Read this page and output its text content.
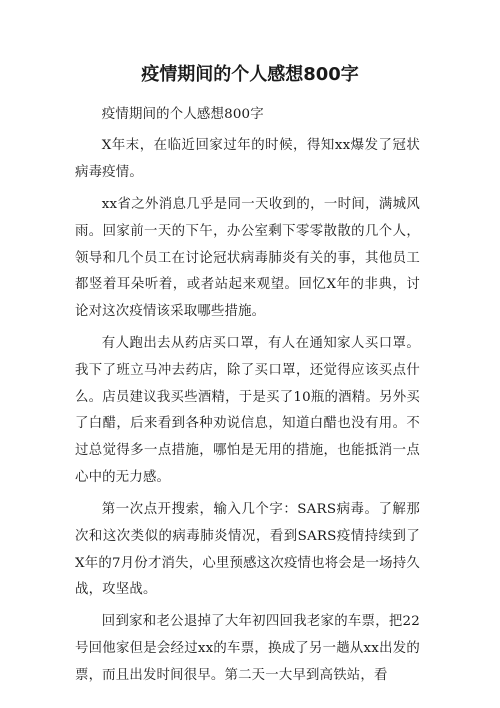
疫情期间的个人感想800字

疫情期间的个人感想800字

X年末，在临近回家过年的时候，得知xx爆发了冠状病毒疫情。

xx省之外消息几乎是同一天收到的，一时间，满城风雨。回家前一天的下午，办公室剩下零零散散的几个人，领导和几个员工在讨论冠状病毒肺炎有关的事，其他员工都竖着耳朵听着，或者站起来观望。回忆X年的非典，讨论对这次疫情该采取哪些措施。

有人跑出去从药店买口罩，有人在通知家人买口罩。我下了班立马冲去药店，除了买口罩，还觉得应该买点什么。店员建议我买些酒精，于是买了10瓶的酒精。另外买了白醋，后来看到各种劝说信息，知道白醋也没有用。不过总觉得多一点措施，哪怕是无用的措施，也能抵消一点心中的无力感。

第一次点开搜索，输入几个字：SARS病毒。了解那次和这次类似的病毒肺炎情况，看到SARS疫情持续到了X年的7月份才消失，心里预感这次疫情也将会是一场持久战，攻坚战。

回到家和老公退掉了大年初四回我老家的车票，把22号回他家但是会经过xx的车票，换成了另一趟从xx出发的票，而且出发时间很早。第二天一大早到高铁站，看
